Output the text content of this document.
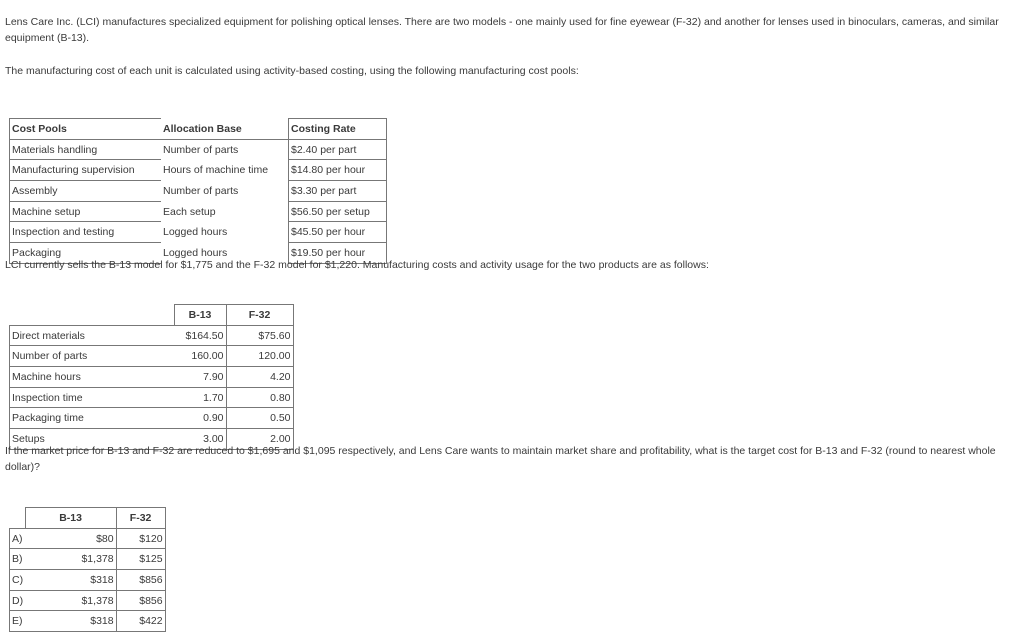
Lens Care Inc. (LCI) manufactures specialized equipment for polishing optical lenses. There are two models - one mainly used for fine eyewear (F-32) and another for lenses used in binoculars, cameras, and similar equipment (B-13).

The manufacturing cost of each unit is calculated using activity-based costing, using the following manufacturing cost pools:

Cost Pools	Allocation Base	Costing Rate
Materials handling	Number of parts	$2.40 per part
Manufacturing supervision	Hours of machine time	$14.80 per hour
Assembly	Number of parts	$3.30 per part
Machine setup	Each setup	$56.50 per setup
Inspection and testing	Logged hours	$45.50 per hour
Packaging	Logged hours	$19.50 per hour

LCI currently sells the B-13 model for $1,775 and the F-32 model for $1,220. Manufacturing costs and activity usage for the two products are as follows:

	B-13	F-32
Direct materials	$164.50	$75.60
Number of parts	160.00	120.00
Machine hours	7.90	4.20
Inspection time	1.70	0.80
Packaging time	0.90	0.50
Setups	3.00	2.00

If the market price for B-13 and F-32 are reduced to $1,695 and $1,095 respectively, and Lens Care wants to maintain market share and profitability, what is the target cost for B-13 and F-32 (round to nearest whole dollar)?

	B-13	F-32
A)	$80	$120
B)	$1,378	$125
C)	$318	$856
D)	$1,378	$856
E)	$318	$422
